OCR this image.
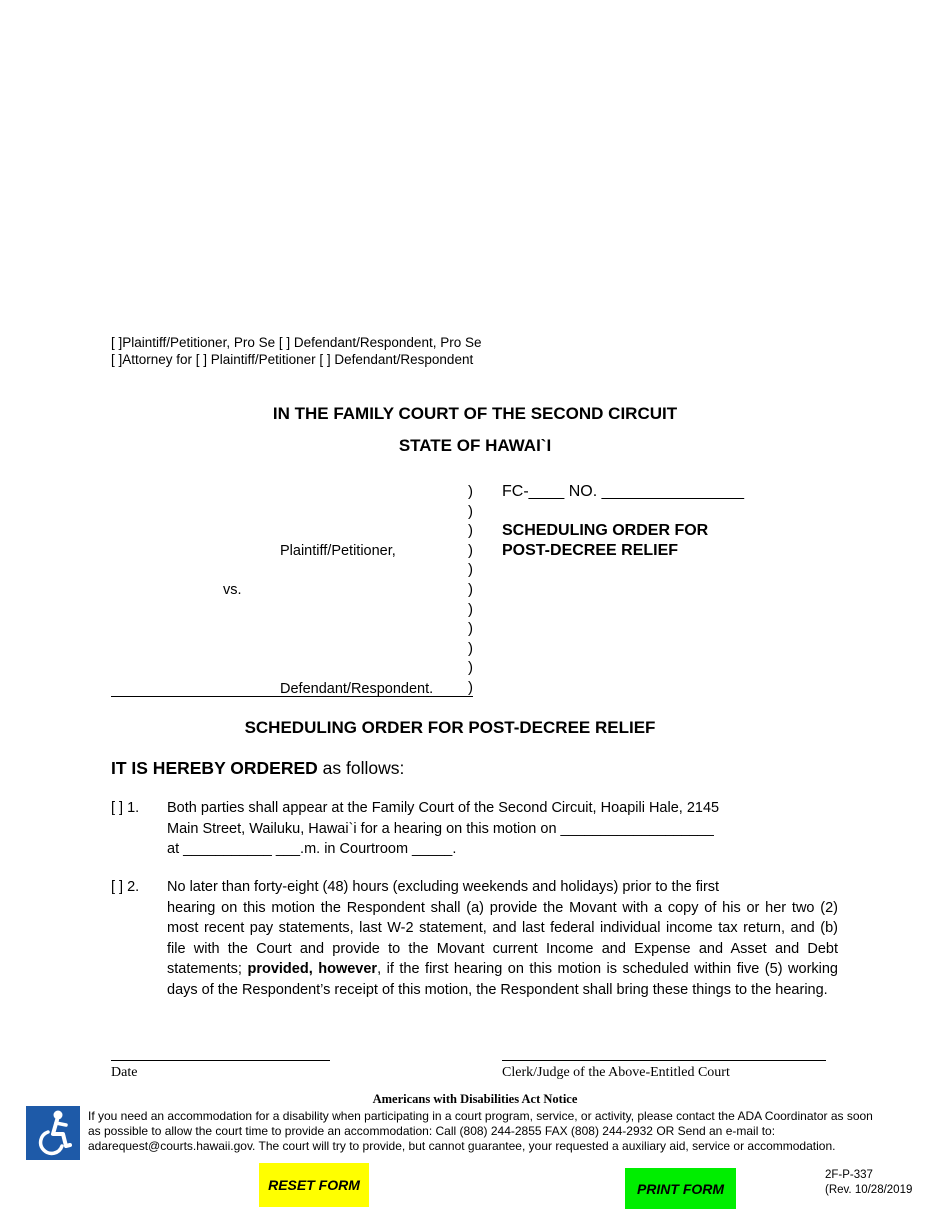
[ ]Plaintiff/Petitioner, Pro Se [ ] Defendant/Respondent, Pro Se
[ ]Attorney for [ ] Plaintiff/Petitioner [ ] Defendant/Respondent
IN THE FAMILY COURT OF THE SECOND CIRCUIT
STATE OF HAWAI`I
)
)
)
)
)
)
)
)
)
)
)
FC-____ NO. ________________
SCHEDULING ORDER FOR
POST-DECREE RELIEF
Plaintiff/Petitioner,
vs.
Defendant/Respondent.
SCHEDULING ORDER FOR POST-DECREE RELIEF
IT IS HEREBY ORDERED as follows:
[ ] 1. Both parties shall appear at the Family Court of the Second Circuit, Hoapili Hale, 2145
Main Street, Wailuku, Hawai`i for a hearing on this motion on ___________________
at ___________ ___.m. in Courtroom _____.
[ ] 2. No later than forty-eight (48) hours (excluding weekends and holidays) prior to the first
hearing on this motion the Respondent shall (a) provide the Movant with a copy of his or her two (2) most recent pay statements, last W-2 statement, and last federal individual income tax return, and (b) file with the Court and provide to the Movant current Income and Expense and Asset and Debt statements; provided, however, if the first hearing on this motion is scheduled within five (5) working days of the Respondent’s receipt of this motion, the Respondent shall bring these things to the hearing.
Date	Clerk/Judge of the Above-Entitled Court
Americans with Disabilities Act Notice
If you need an accommodation for a disability when participating in a court program, service, or activity, please contact the ADA Coordinator as soon
as possible to allow the court time to provide an accommodation: Call (808) 244-2855 FAX (808) 244-2932 OR Send an e-mail to:
adarequest@courts.hawaii.gov. The court will try to provide, but cannot guarantee, your requested a auxiliary aid, service or accommodation.
RESET FORM	PRINT FORM
2F-P-337
(Rev. 10/28/2019
